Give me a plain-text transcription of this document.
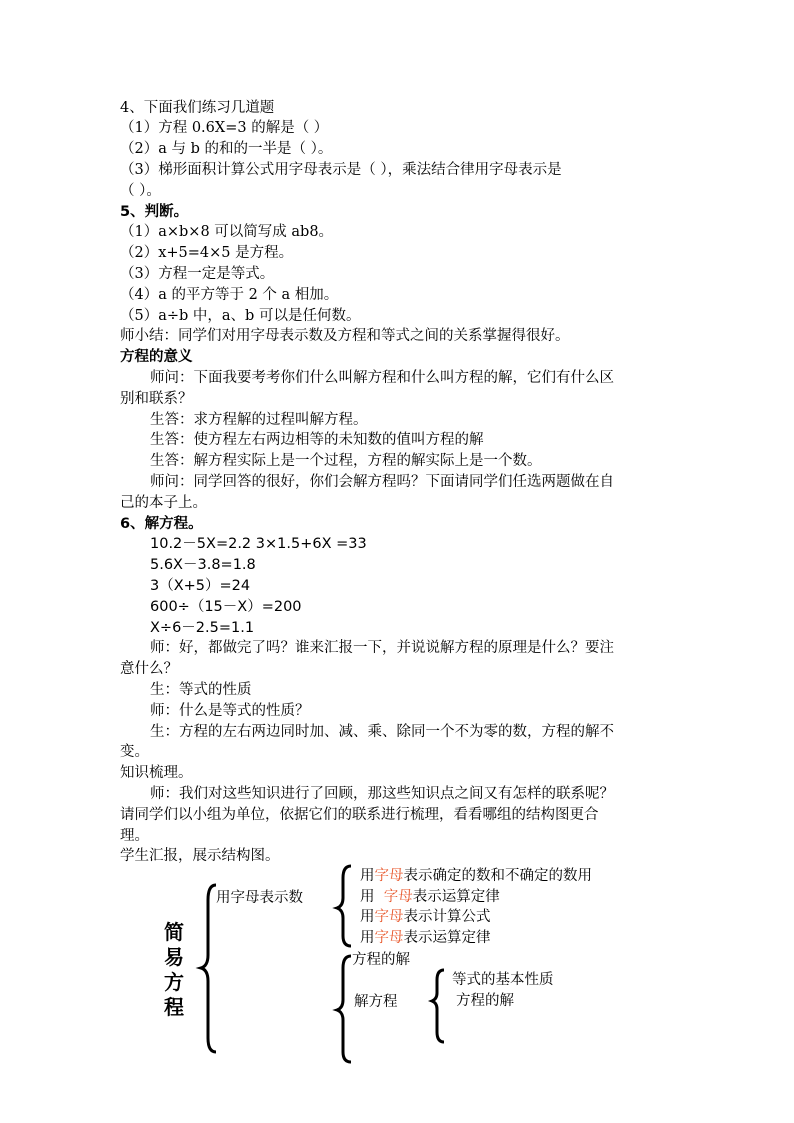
4、下面我们练习几道题
（1）方程 0.6X=3 的解是（ ）
（2）a 与 b 的和的一半是（ ）。
（3）梯形面积计算公式用字母表示是（ ），乘法结合律用字母表示是
（ ）。
5、判断。
（1）a×b×8 可以简写成 ab8。
（2）x+5=4×5 是方程。
（3）方程一定是等式。
（4）a 的平方等于 2 个 a 相加。
（5）a÷b 中，a、b 可以是任何数。
师小结：同学们对用字母表示数及方程和等式之间的关系掌握得很好。
方程的意义
师问：下面我要考考你们什么叫解方程和什么叫方程的解，它们有什么区
别和联系？
生答：求方程解的过程叫解方程。
生答：使方程左右两边相等的未知数的值叫方程的解
生答：解方程实际上是一个过程，方程的解实际上是一个数。
师问：同学回答的很好，你们会解方程吗？下面请同学们任选两题做在自
己的本子上。
6、解方程。
10.2－5X=2.2 3×1.5+6X =33
5.6X－3.8=1.8
3（X+5）=24
600÷（15－X）=200
X÷6－2.5=1.1
师：好，都做完了吗？谁来汇报一下，并说说解方程的原理是什么？要注
意什么？
生：等式的性质
师：什么是等式的性质？
生：方程的左右两边同时加、减、乘、除同一个不为零的数，方程的解不
变。
知识梳理。
师：我们对这些知识进行了回顾，那这些知识点之间又有怎样的联系呢？
请同学们以小组为单位，依据它们的联系进行梳理，看看哪组的结构图更合
理。
学生汇报，展示结构图。
简
易
方
程
用字母表示数
用字母表示确定的数和不确定的数用
用  字母表示运算定律
用字母表示计算公式
用字母表示运算定律
方程的解
解方程
等式的基本性质
方程的解
